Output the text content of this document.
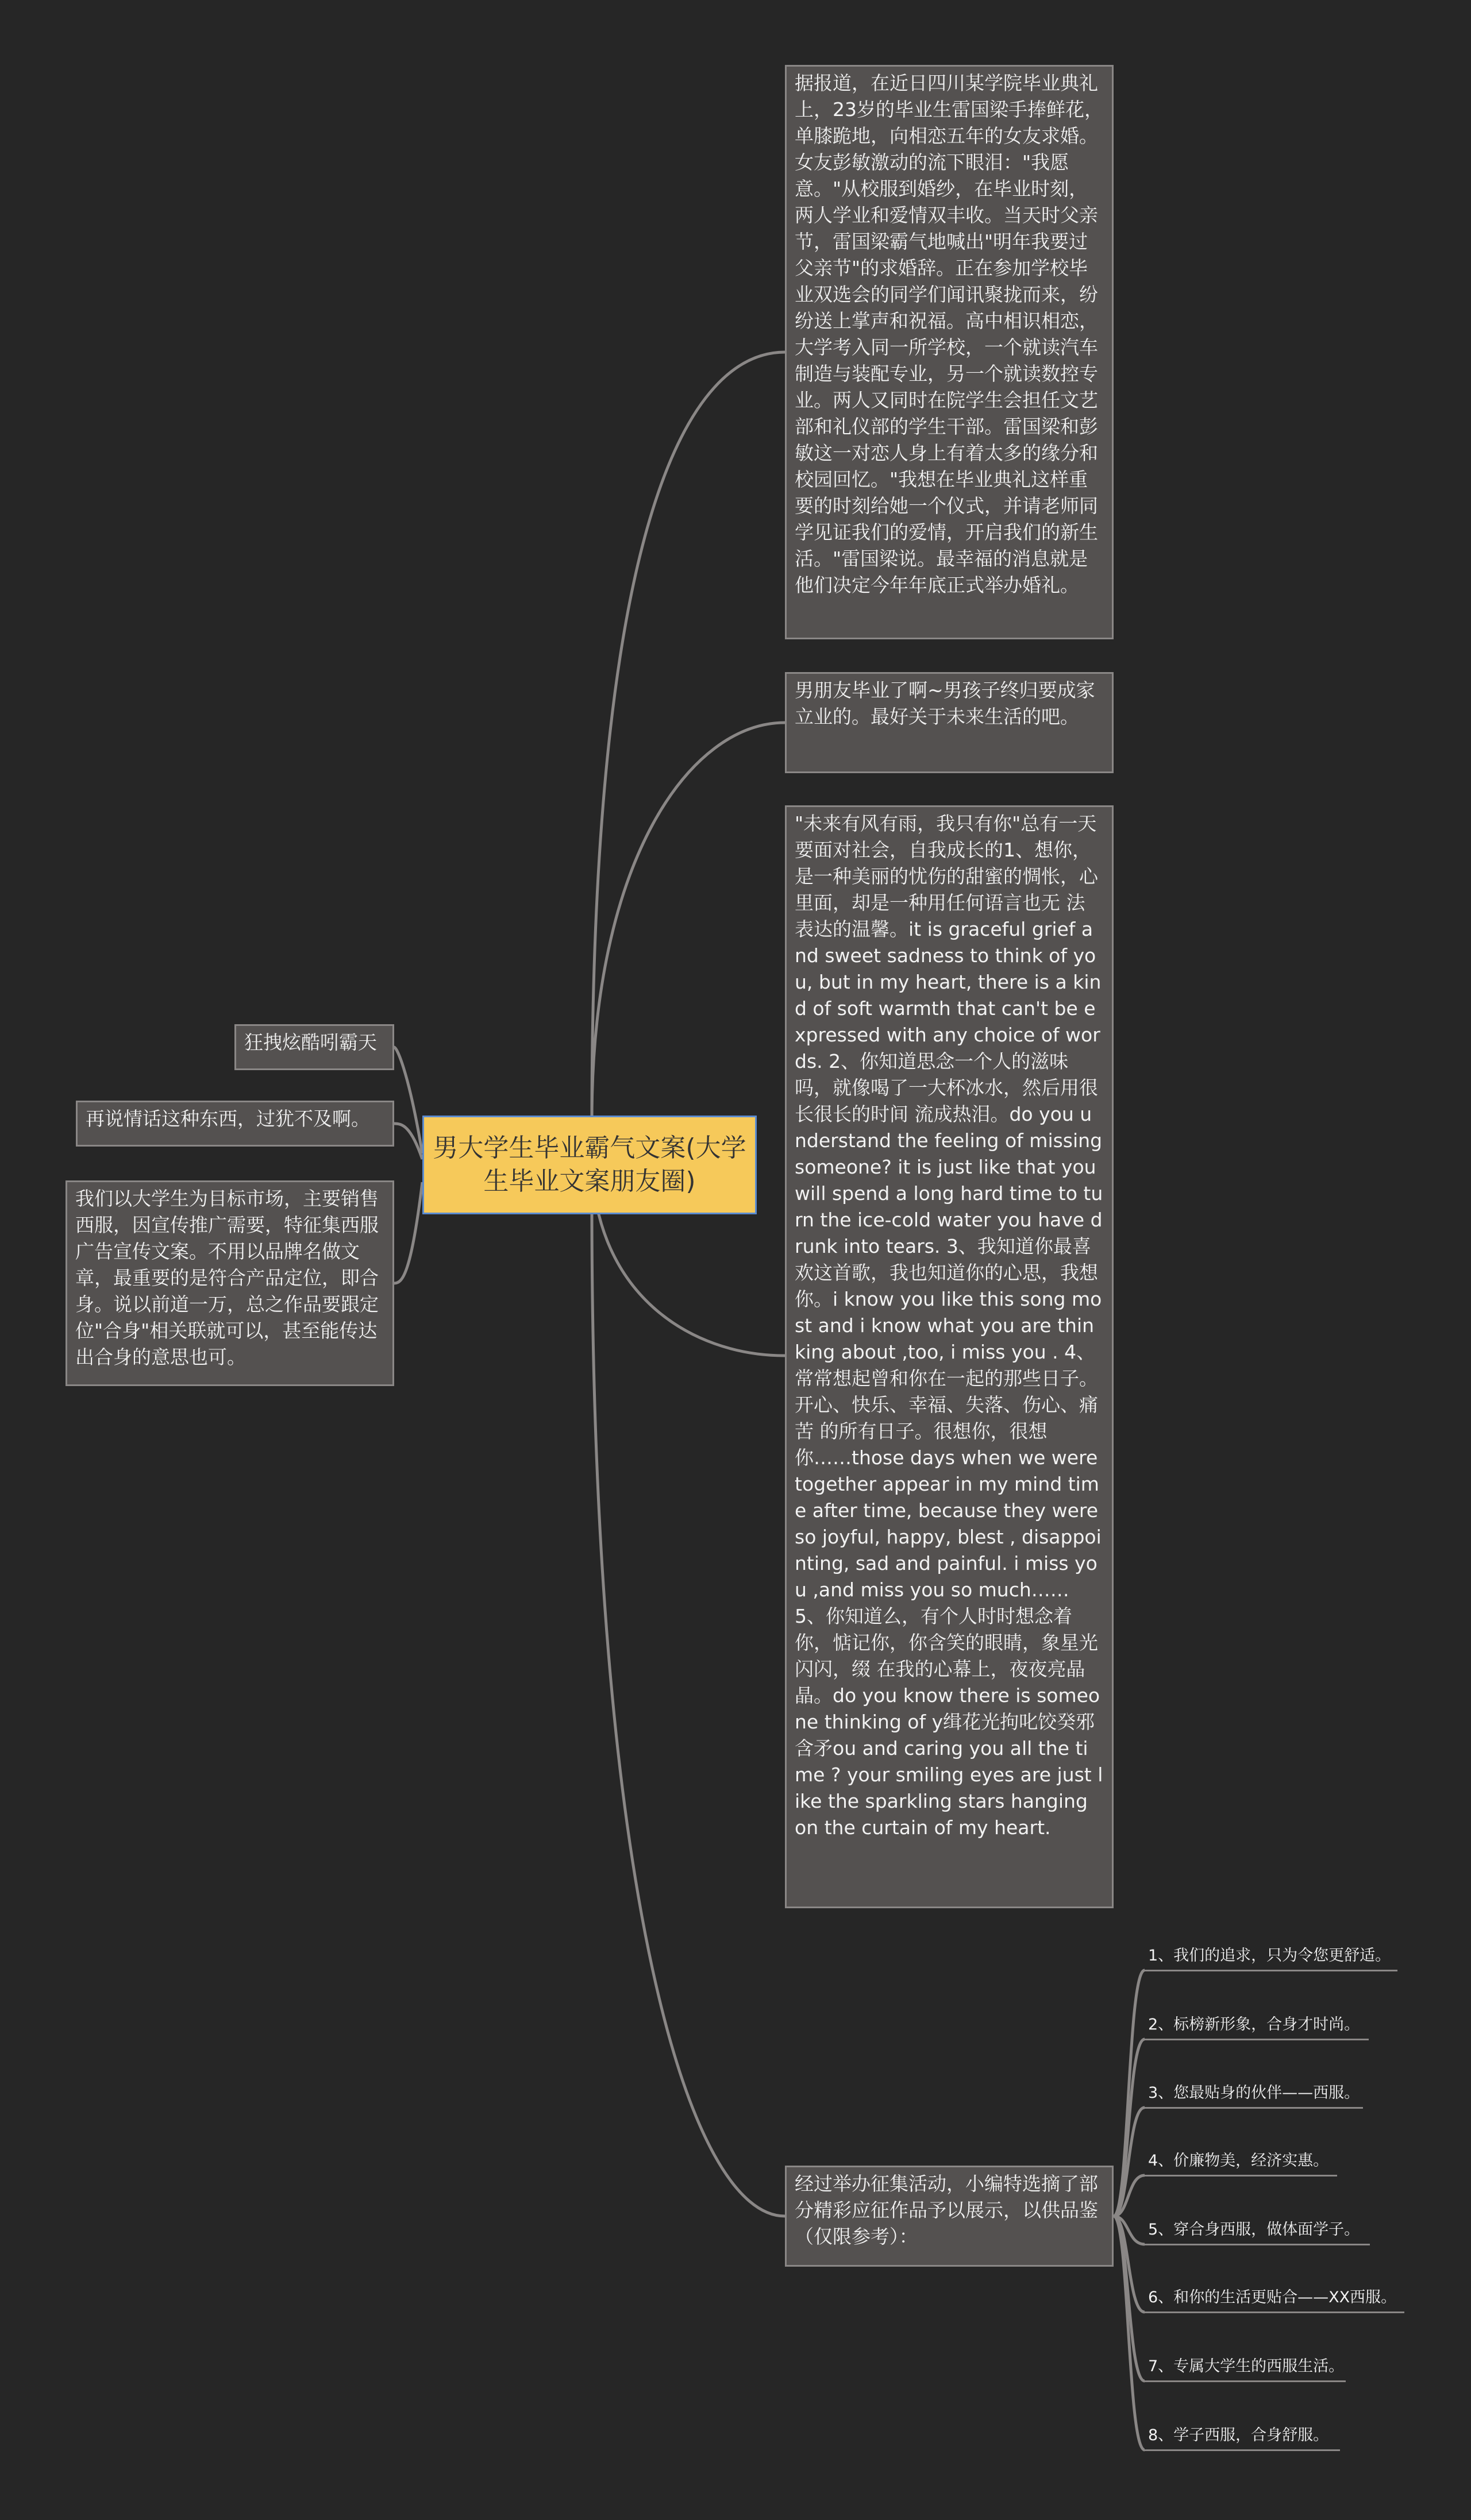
男大学生毕业霸气文案(大学生毕业文案朋友圈)
狂拽炫酷吲霸天
再说情话这种东西，过犹不及啊。
我们以大学生为目标市场，主要销售西服，因宣传推广需要，特征集西服广告宣传文案。不用以品牌名做文章，最重要的是符合产品定位，即合身。说以前道一万，总之作品要跟定位"合身"相关联就可以，甚至能传达出合身的意思也可。
据报道，在近日四川某学院毕业典礼上，23岁的毕业生雷国梁手捧鲜花，单膝跪地，向相恋五年的女友求婚。女友彭敏激动的流下眼泪："我愿意。"从校服到婚纱，在毕业时刻，两人学业和爱情双丰收。当天时父亲节，雷国梁霸气地喊出"明年我要过父亲节"的求婚辞。正在参加学校毕业双选会的同学们闻讯聚拢而来，纷纷送上掌声和祝福。高中相识相恋，大学考入同一所学校，一个就读汽车制造与装配专业，另一个就读数控专业。两人又同时在院学生会担任文艺部和礼仪部的学生干部。雷国梁和彭敏这一对恋人身上有着太多的缘分和校园回忆。"我想在毕业典礼这样重要的时刻给她一个仪式，并请老师同学见证我们的爱情，开启我们的新生活。"雷国梁说。最幸福的消息就是他们决定今年年底正式举办婚礼。
男朋友毕业了啊~男孩子终归要成家立业的。最好关于未来生活的吧。
"未来有风有雨，我只有你"总有一天要面对社会，自我成长的1、想你，是一种美丽的忧伤的甜蜜的惆怅，心里面，却是一种用任何语言也无 法表达的温馨。it is graceful grief and sweet sadness to think of you, but in my heart, there is a kind of soft warmth that can't be expressed with any choice of words. 2、你知道思念一个人的滋味吗，就像喝了一大杯冰水，然后用很长很长的时间 流成热泪。do you understand the feeling of missing someone? it is just like that you will spend a long hard time to turn the ice-cold water you have drunk into tears. 3、我知道你最喜欢这首歌，我也知道你的心思，我想你。i know you like this song most and i know what you are thinking about ,too, i miss you . 4、常常想起曾和你在一起的那些日子。开心、快乐、幸福、失落、伤心、痛苦 的所有日子。很想你，很想你……those days when we were together appear in my mind time after time, because they were so joyful, happy, blest , disappointing, sad and painful. i miss you ,and miss you so much…… 5、你知道么，有个人时时想念着你，惦记你，你含笑的眼睛，象星光闪闪，缀 在我的心幕上，夜夜亮晶晶。do you know there is someone thinking of y缉花光拘叱饺癸邪含矛ou and caring you all the time ? your smiling eyes are just like the sparkling stars hanging on the curtain of my heart.
经过举办征集活动，小编特选摘了部分精彩应征作品予以展示，以供品鉴（仅限参考）：
1、我们的追求，只为令您更舒适。
2、标榜新形象，合身才时尚。
3、您最贴身的伙伴——西服。
4、价廉物美，经济实惠。
5、穿合身西服，做体面学子。
6、和你的生活更贴合——XX西服。
7、专属大学生的西服生活。
8、学子西服，合身舒服。
